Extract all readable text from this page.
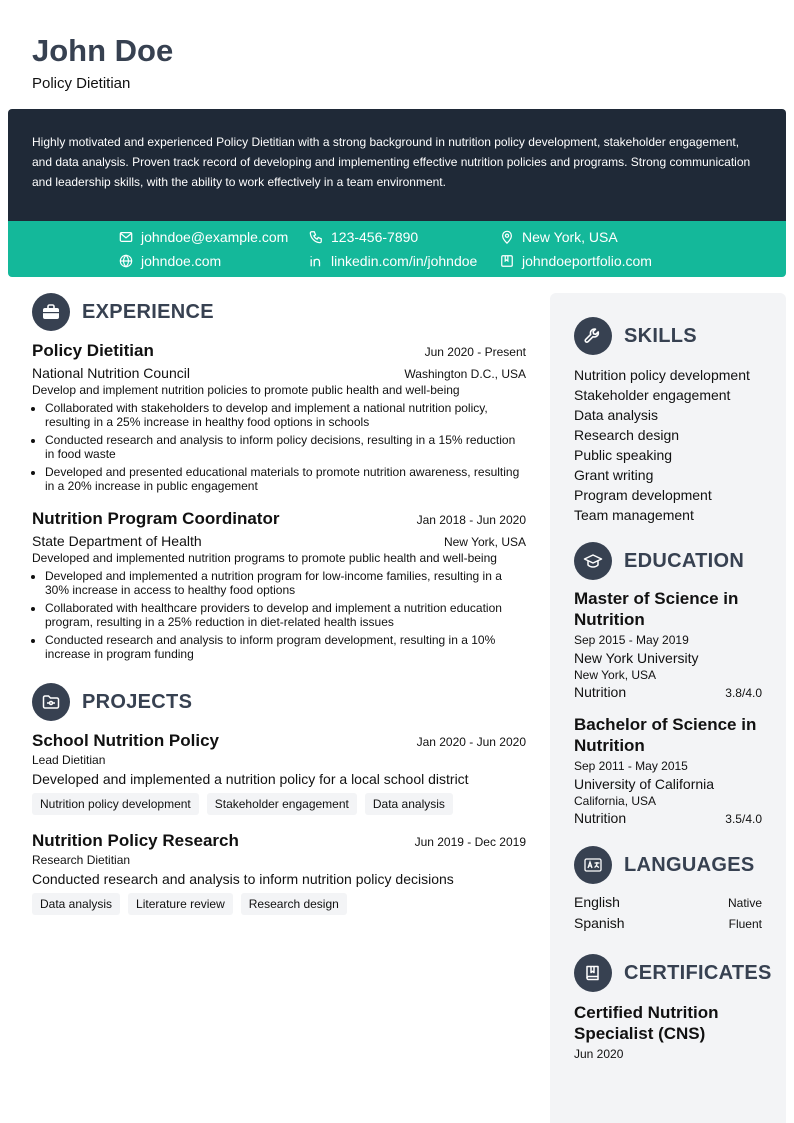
John Doe
Policy Dietitian
Highly motivated and experienced Policy Dietitian with a strong background in nutrition policy development, stakeholder engagement, and data analysis. Proven track record of developing and implementing effective nutrition policies and programs. Strong communication and leadership skills, with the ability to work effectively in a team environment.
johndoe@example.com	123-456-7890	New York, USA
johndoe.com	linkedin.com/in/johndoe	johndoeportfolio.com
EXPERIENCE
Policy Dietitian	Jun 2020 - Present
National Nutrition Council	Washington D.C., USA
Develop and implement nutrition policies to promote public health and well-being
• Collaborated with stakeholders to develop and implement a national nutrition policy, resulting in a 25% increase in healthy food options in schools
• Conducted research and analysis to inform policy decisions, resulting in a 15% reduction in food waste
• Developed and presented educational materials to promote nutrition awareness, resulting in a 20% increase in public engagement
Nutrition Program Coordinator	Jan 2018 - Jun 2020
State Department of Health	New York, USA
Developed and implemented nutrition programs to promote public health and well-being
• Developed and implemented a nutrition program for low-income families, resulting in a 30% increase in access to healthy food options
• Collaborated with healthcare providers to develop and implement a nutrition education program, resulting in a 25% reduction in diet-related health issues
• Conducted research and analysis to inform program development, resulting in a 10% increase in program funding
PROJECTS
School Nutrition Policy	Jan 2020 - Jun 2020
Lead Dietitian
Developed and implemented a nutrition policy for a local school district
Nutrition policy development	Stakeholder engagement	Data analysis
Nutrition Policy Research	Jun 2019 - Dec 2019
Research Dietitian
Conducted research and analysis to inform nutrition policy decisions
Data analysis	Literature review	Research design
SKILLS
Nutrition policy development
Stakeholder engagement
Data analysis
Research design
Public speaking
Grant writing
Program development
Team management
EDUCATION
Master of Science in Nutrition
Sep 2015 - May 2019
New York University
New York, USA
Nutrition	3.8/4.0
Bachelor of Science in Nutrition
Sep 2011 - May 2015
University of California
California, USA
Nutrition	3.5/4.0
LANGUAGES
English	Native
Spanish	Fluent
CERTIFICATES
Certified Nutrition Specialist (CNS)
Jun 2020
